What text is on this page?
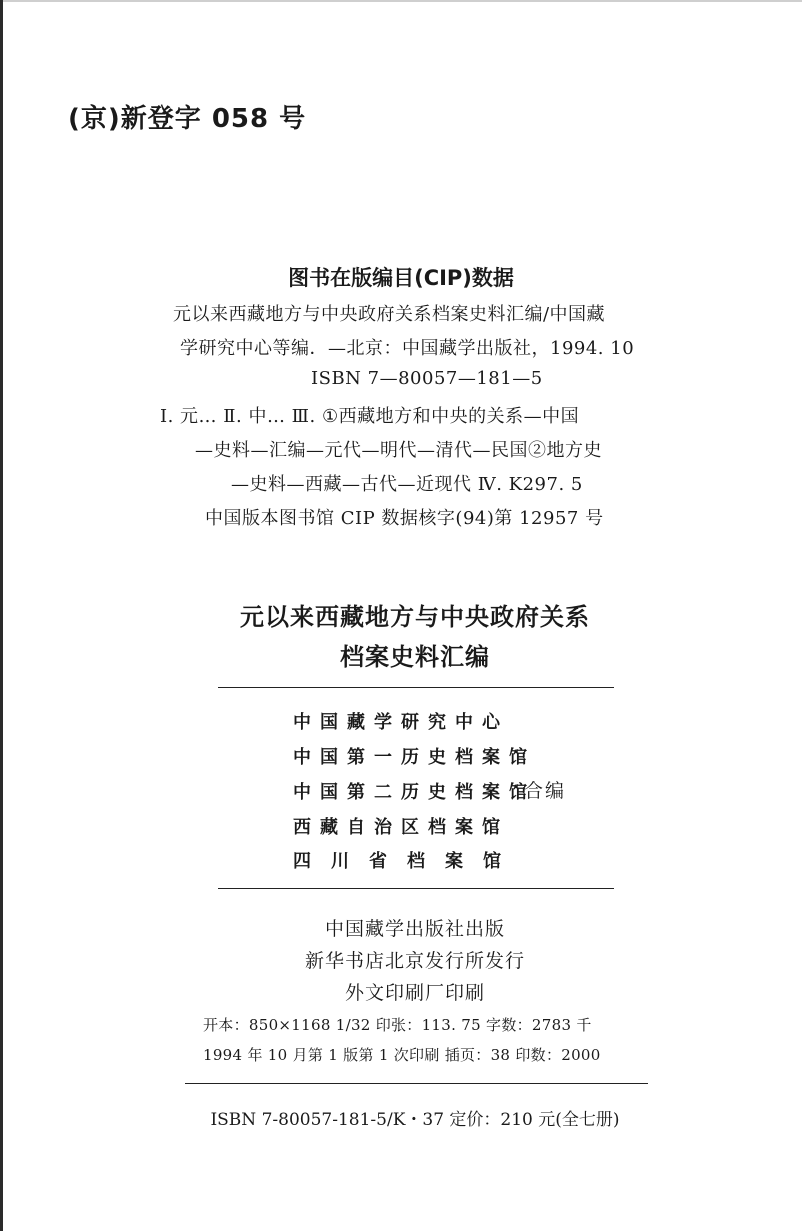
(京)新登字 058 号
图书在版编目(CIP)数据
元以来西藏地方与中央政府关系档案史料汇编/中国藏
学研究中心等编．—北京：中国藏学出版社，1994. 10
ISBN 7—80057—181—5
Ⅰ. 元… Ⅱ. 中… Ⅲ. ①西藏地方和中央的关系—中国
—史料—汇编—元代—明代—清代—民国②地方史
—史料—西藏—古代—近现代 Ⅳ. K297. 5
中国版本图书馆 CIP 数据核字(94)第 12957 号
元以来西藏地方与中央政府关系
档案史料汇编
中国藏学研究中心
中国第一历史档案馆
中国第二历史档案馆
西藏自治区档案馆
四川省档案馆
合编
中国藏学出版社出版
新华书店北京发行所发行
外文印刷厂印刷
开本：850×1168 1/32 印张：113. 75 字数：2783 千
1994 年 10 月第 1 版第 1 次印刷 插页：38 印数：2000
ISBN 7-80057-181-5/K・37 定价：210 元(全七册)
